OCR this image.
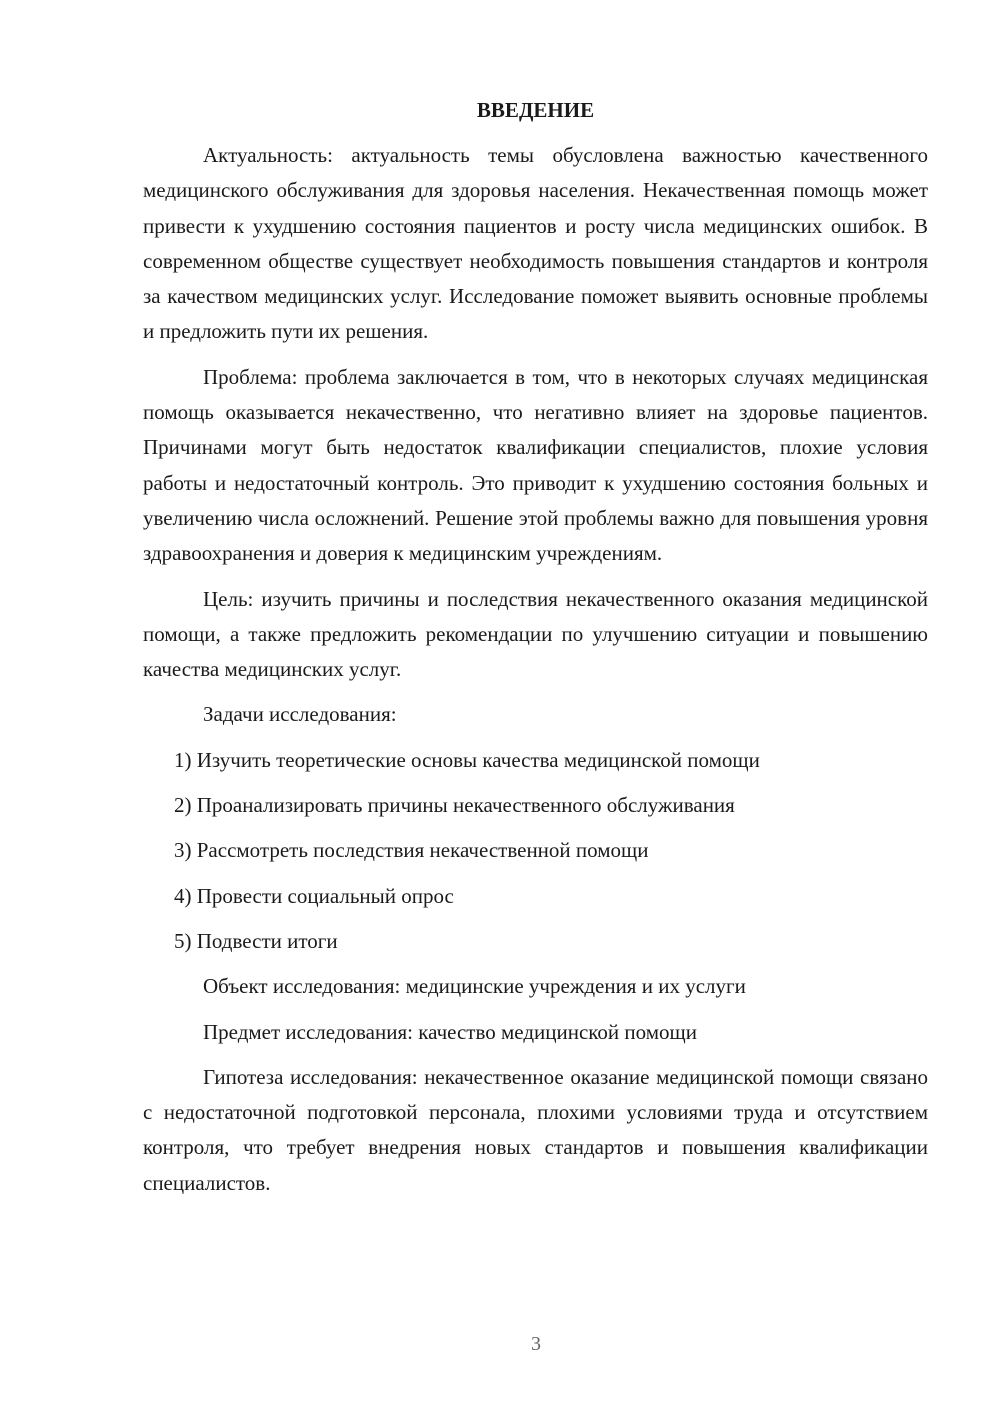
ВВЕДЕНИЕ

Актуальность: актуальность темы обусловлена важностью качественного медицинского обслуживания для здоровья населения. Некачественная помощь может привести к ухудшению состояния пациентов и росту числа медицинских ошибок. В современном обществе существует необходимость повышения стандартов и контроля за качеством медицинских услуг. Исследование поможет выявить основные проблемы и предложить пути их решения.

Проблема: проблема заключается в том, что в некоторых случаях медицинская помощь оказывается некачественно, что негативно влияет на здоровье пациентов. Причинами могут быть недостаток квалификации специалистов, плохие условия работы и недостаточный контроль. Это приводит к ухудшению состояния больных и увеличению числа осложнений. Решение этой проблемы важно для повышения уровня здравоохранения и доверия к медицинским учреждениям.

Цель: изучить причины и последствия некачественного оказания медицинской помощи, а также предложить рекомендации по улучшению ситуации и повышению качества медицинских услуг.

Задачи исследования:

1) Изучить теоретические основы качества медицинской помощи

2) Проанализировать причины некачественного обслуживания

3) Рассмотреть последствия некачественной помощи

4) Провести социальный опрос

5) Подвести итоги

Объект исследования: медицинские учреждения и их услуги

Предмет исследования: качество медицинской помощи

Гипотеза исследования: некачественное оказание медицинской помощи связано с недостаточной подготовкой персонала, плохими условиями труда и отсутствием контроля, что требует внедрения новых стандартов и повышения квалификации специалистов.

3
